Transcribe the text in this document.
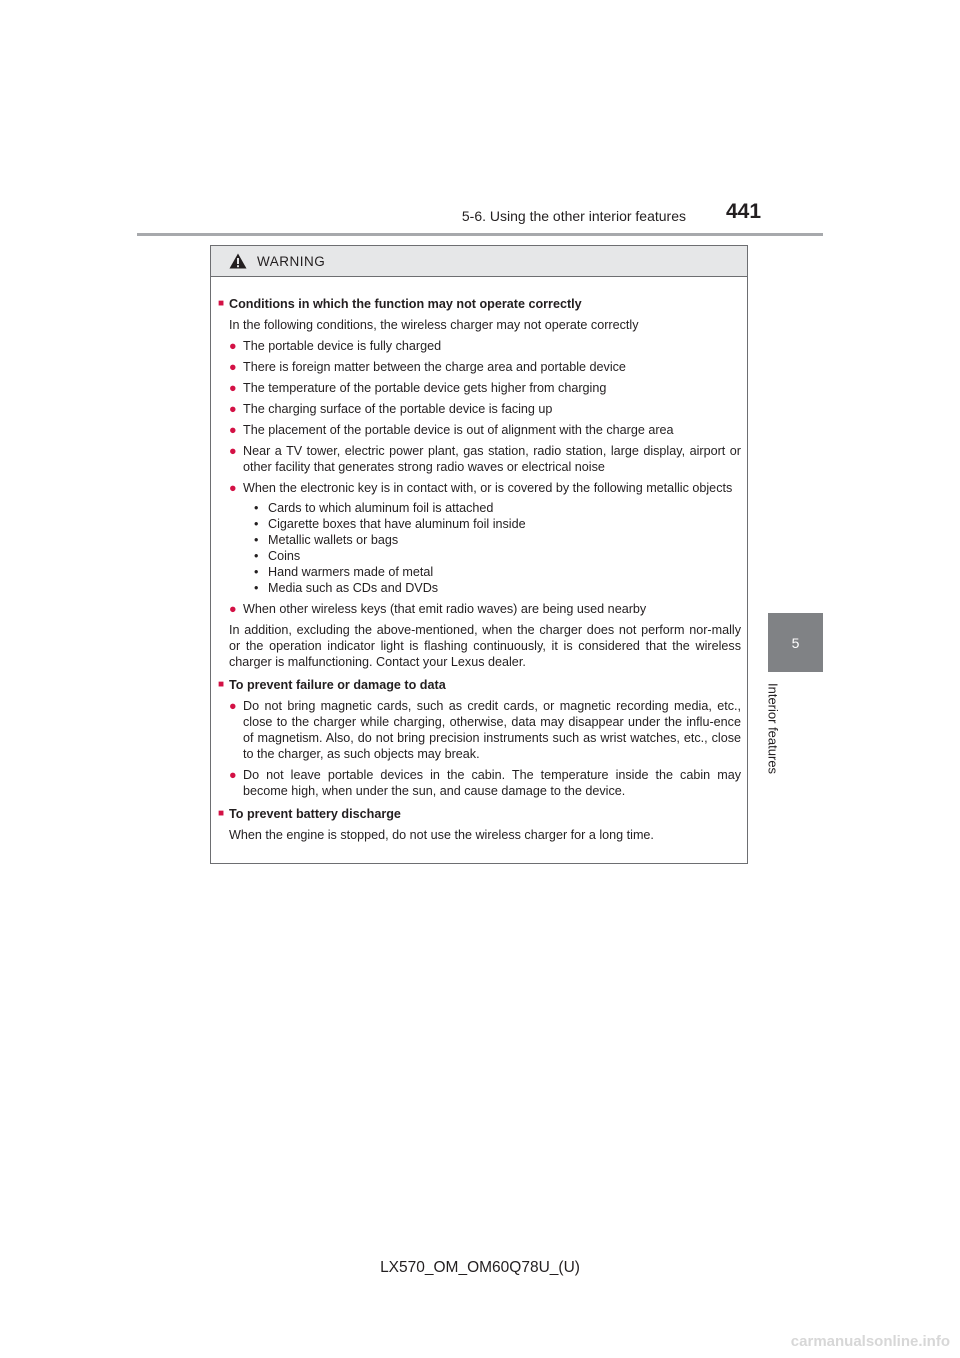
5-6. Using the other interior features 441
5
Interior features
WARNING
■ Conditions in which the function may not operate correctly
In the following conditions, the wireless charger may not operate correctly
● The portable device is fully charged
● There is foreign matter between the charge area and portable device
● The temperature of the portable device gets higher from charging
● The charging surface of the portable device is facing up
● The placement of the portable device is out of alignment with the charge area
● Near a TV tower, electric power plant, gas station, radio station, large display, airport or other facility that generates strong radio waves or electrical noise
● When the electronic key is in contact with, or is covered by the following metallic objects
• Cards to which aluminum foil is attached
• Cigarette boxes that have aluminum foil inside
• Metallic wallets or bags
• Coins
• Hand warmers made of metal
• Media such as CDs and DVDs
● When other wireless keys (that emit radio waves) are being used nearby
In addition, excluding the above-mentioned, when the charger does not perform nor-mally or the operation indicator light is flashing continuously, it is considered that the wireless charger is malfunctioning. Contact your Lexus dealer.
■ To prevent failure or damage to data
● Do not bring magnetic cards, such as credit cards, or magnetic recording media, etc., close to the charger while charging, otherwise, data may disappear under the influ-ence of magnetism. Also, do not bring precision instruments such as wrist watches, etc., close to the charger, as such objects may break.
● Do not leave portable devices in the cabin. The temperature inside the cabin may become high, when under the sun, and cause damage to the device.
■ To prevent battery discharge
When the engine is stopped, do not use the wireless charger for a long time.
LX570_OM_OM60Q78U_(U)
carmanualsonline.info
